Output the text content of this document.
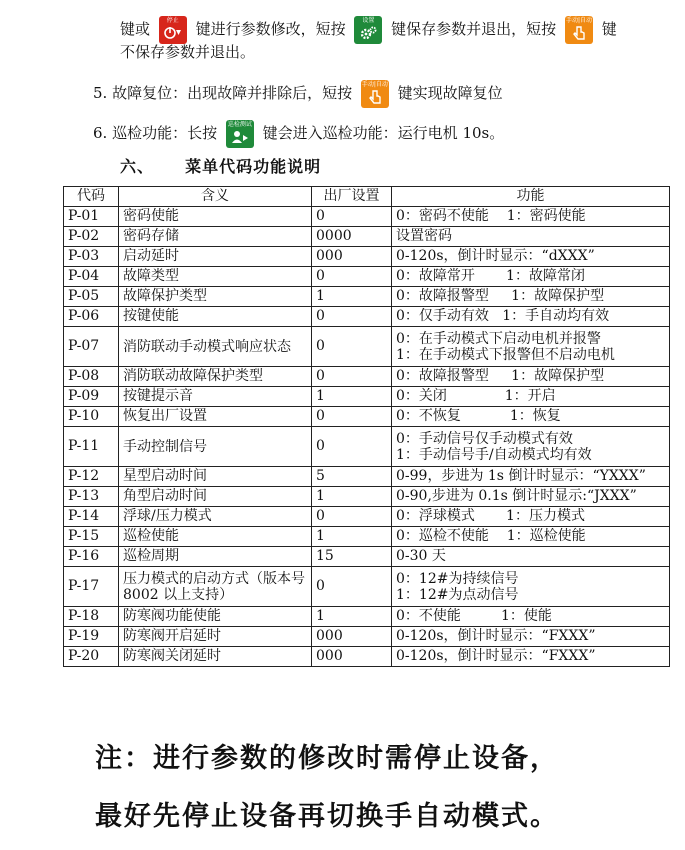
键或	停止	键进行参数修改，短按	设置	键保存参数并退出，短按 手动|自动 键
不保存参数并退出。
5. 故障复位：出现故障并排除后，短按 手动|自动 键实现故障复位
6. 巡检功能：长按	巡检测试 键会进入巡检功能：运行电机 10s。
六、 菜单代码功能说明
代码	含义	出厂设置	功能
P-01	密码使能	0	0：密码不使能    1：密码使能

P-02	密码存储	0000	设置密码

P-03	启动延时	000	0-120s，倒计时显示：“dXXX”

P-04	故障类型	0	0：故障常开       1：故障常闭

P-05	故障保护类型	1	0：故障报警型     1：故障保护型

P-06	按键使能	0	0：仅手动有效   1：手自动均有效

P-07	消防联动手动模式响应状态	0	0：在手动模式下启动电机并报警
1：在手动模式下报警但不启动电机

P-08	消防联动故障保护类型	0	0：故障报警型     1：故障保护型

P-09	按键提示音	1	0：关闭             1：开启

P-10	恢复出厂设置	0	0：不恢复           1：恢复

P-11	手动控制信号	0	0：手动信号仅手动模式有效
1：手动信号手/自动模式均有效

P-12	星型启动时间	5	0-99，步进为 1s 倒计时显示：“YXXX”

P-13	角型启动时间	1	0-90,步进为 0.1s 倒计时显示:“JXXX”

P-14	浮球/压力模式	0	0：浮球模式       1：压力模式

P-15	巡检使能	1	0：巡检不使能    1：巡检使能

P-16	巡检周期	15	0-30 天

P-17	压力模式的启动方式（版本号 8002 以上支持）	0	0：12#为持续信号
1：12#为点动信号

P-18	防寒阀功能使能	1	0：不使能         1：使能

P-19	防寒阀开启延时	000	0-120s，倒计时显示：“FXXX”

P-20	防寒阀关闭延时	000	0-120s，倒计时显示：“FXXX”
注：进行参数的修改时需停止设备，
最好先停止设备再切换手自动模式。
